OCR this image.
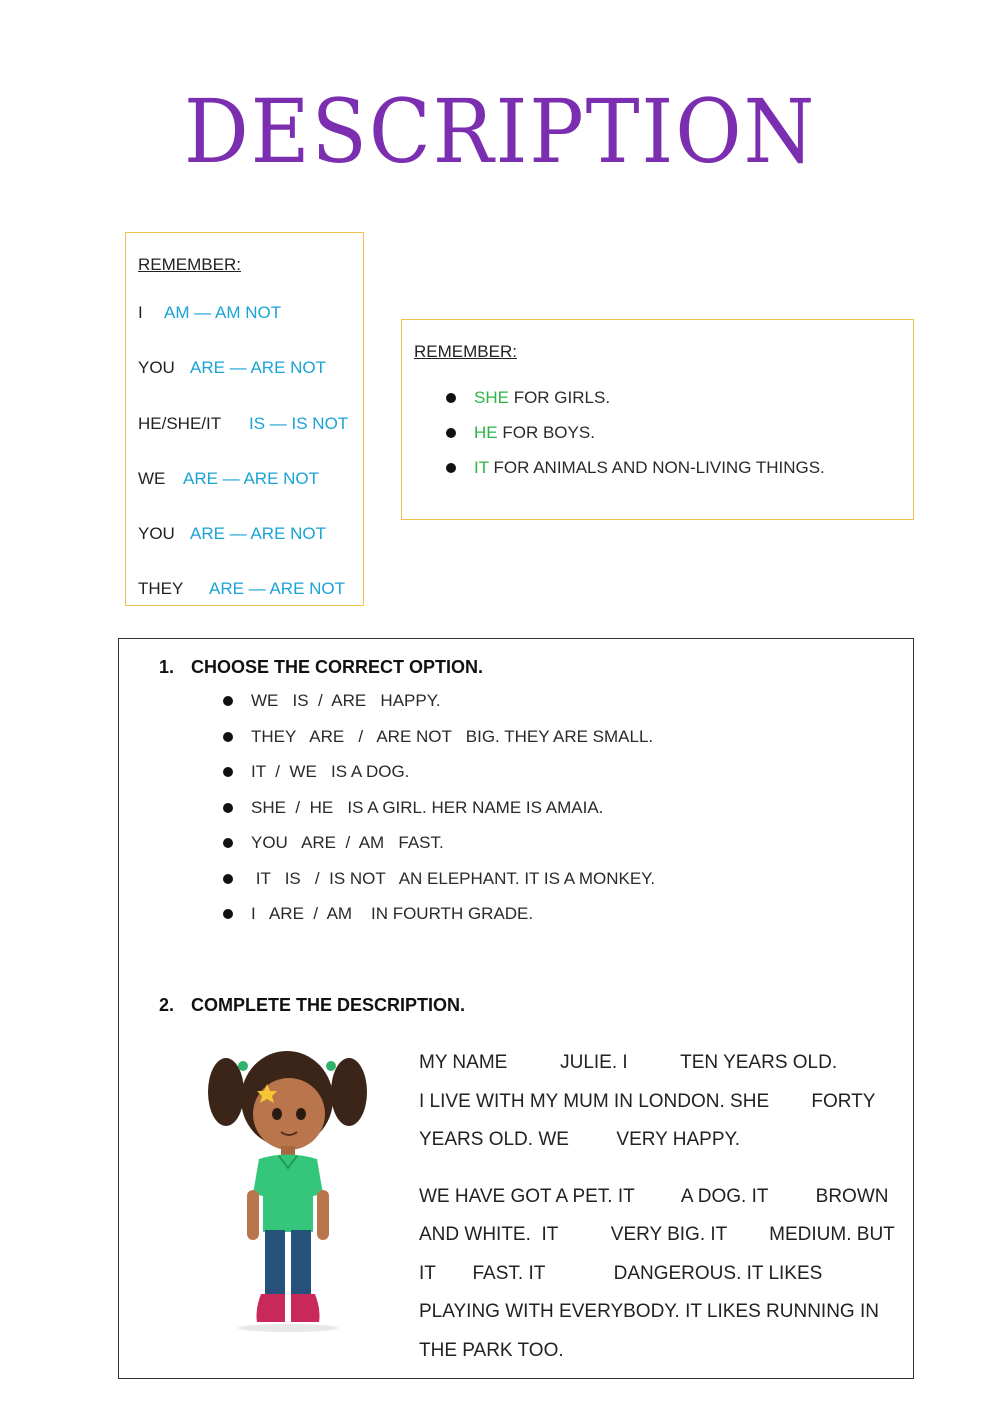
DESCRIPTION
REMEMBER:
I AM — AM NOT
YOU ARE — ARE NOT
HE/SHE/IT IS — IS NOT
WE ARE — ARE NOT
YOU ARE — ARE NOT
THEY ARE — ARE NOT
REMEMBER:
SHE FOR GIRLS.
HE FOR BOYS.
IT FOR ANIMALS AND NON-LIVING THINGS.
1. CHOOSE THE CORRECT OPTION.
WE   IS  /  ARE   HAPPY.
THEY   ARE   /   ARE NOT   BIG. THEY ARE SMALL.
IT  /  WE   IS A DOG.
SHE  /  HE   IS A GIRL. HER NAME IS AMAIA.
YOU   ARE  /  AM   FAST.
IT   IS   /  IS NOT   AN ELEPHANT. IT IS A MONKEY.
I   ARE  /  AM    IN FOURTH GRADE.
2. COMPLETE THE DESCRIPTION.

MY NAME          JULIE. I          TEN YEARS OLD.

I LIVE WITH MY MUM IN LONDON. SHE        FORTY

YEARS OLD. WE         VERY HAPPY.

WE HAVE GOT A PET. IT         A DOG. IT         BROWN

AND WHITE.  IT          VERY BIG. IT        MEDIUM. BUT

IT       FAST. IT             DANGEROUS. IT LIKES

PLAYING WITH EVERYBODY. IT LIKES RUNNING IN

THE PARK TOO.
